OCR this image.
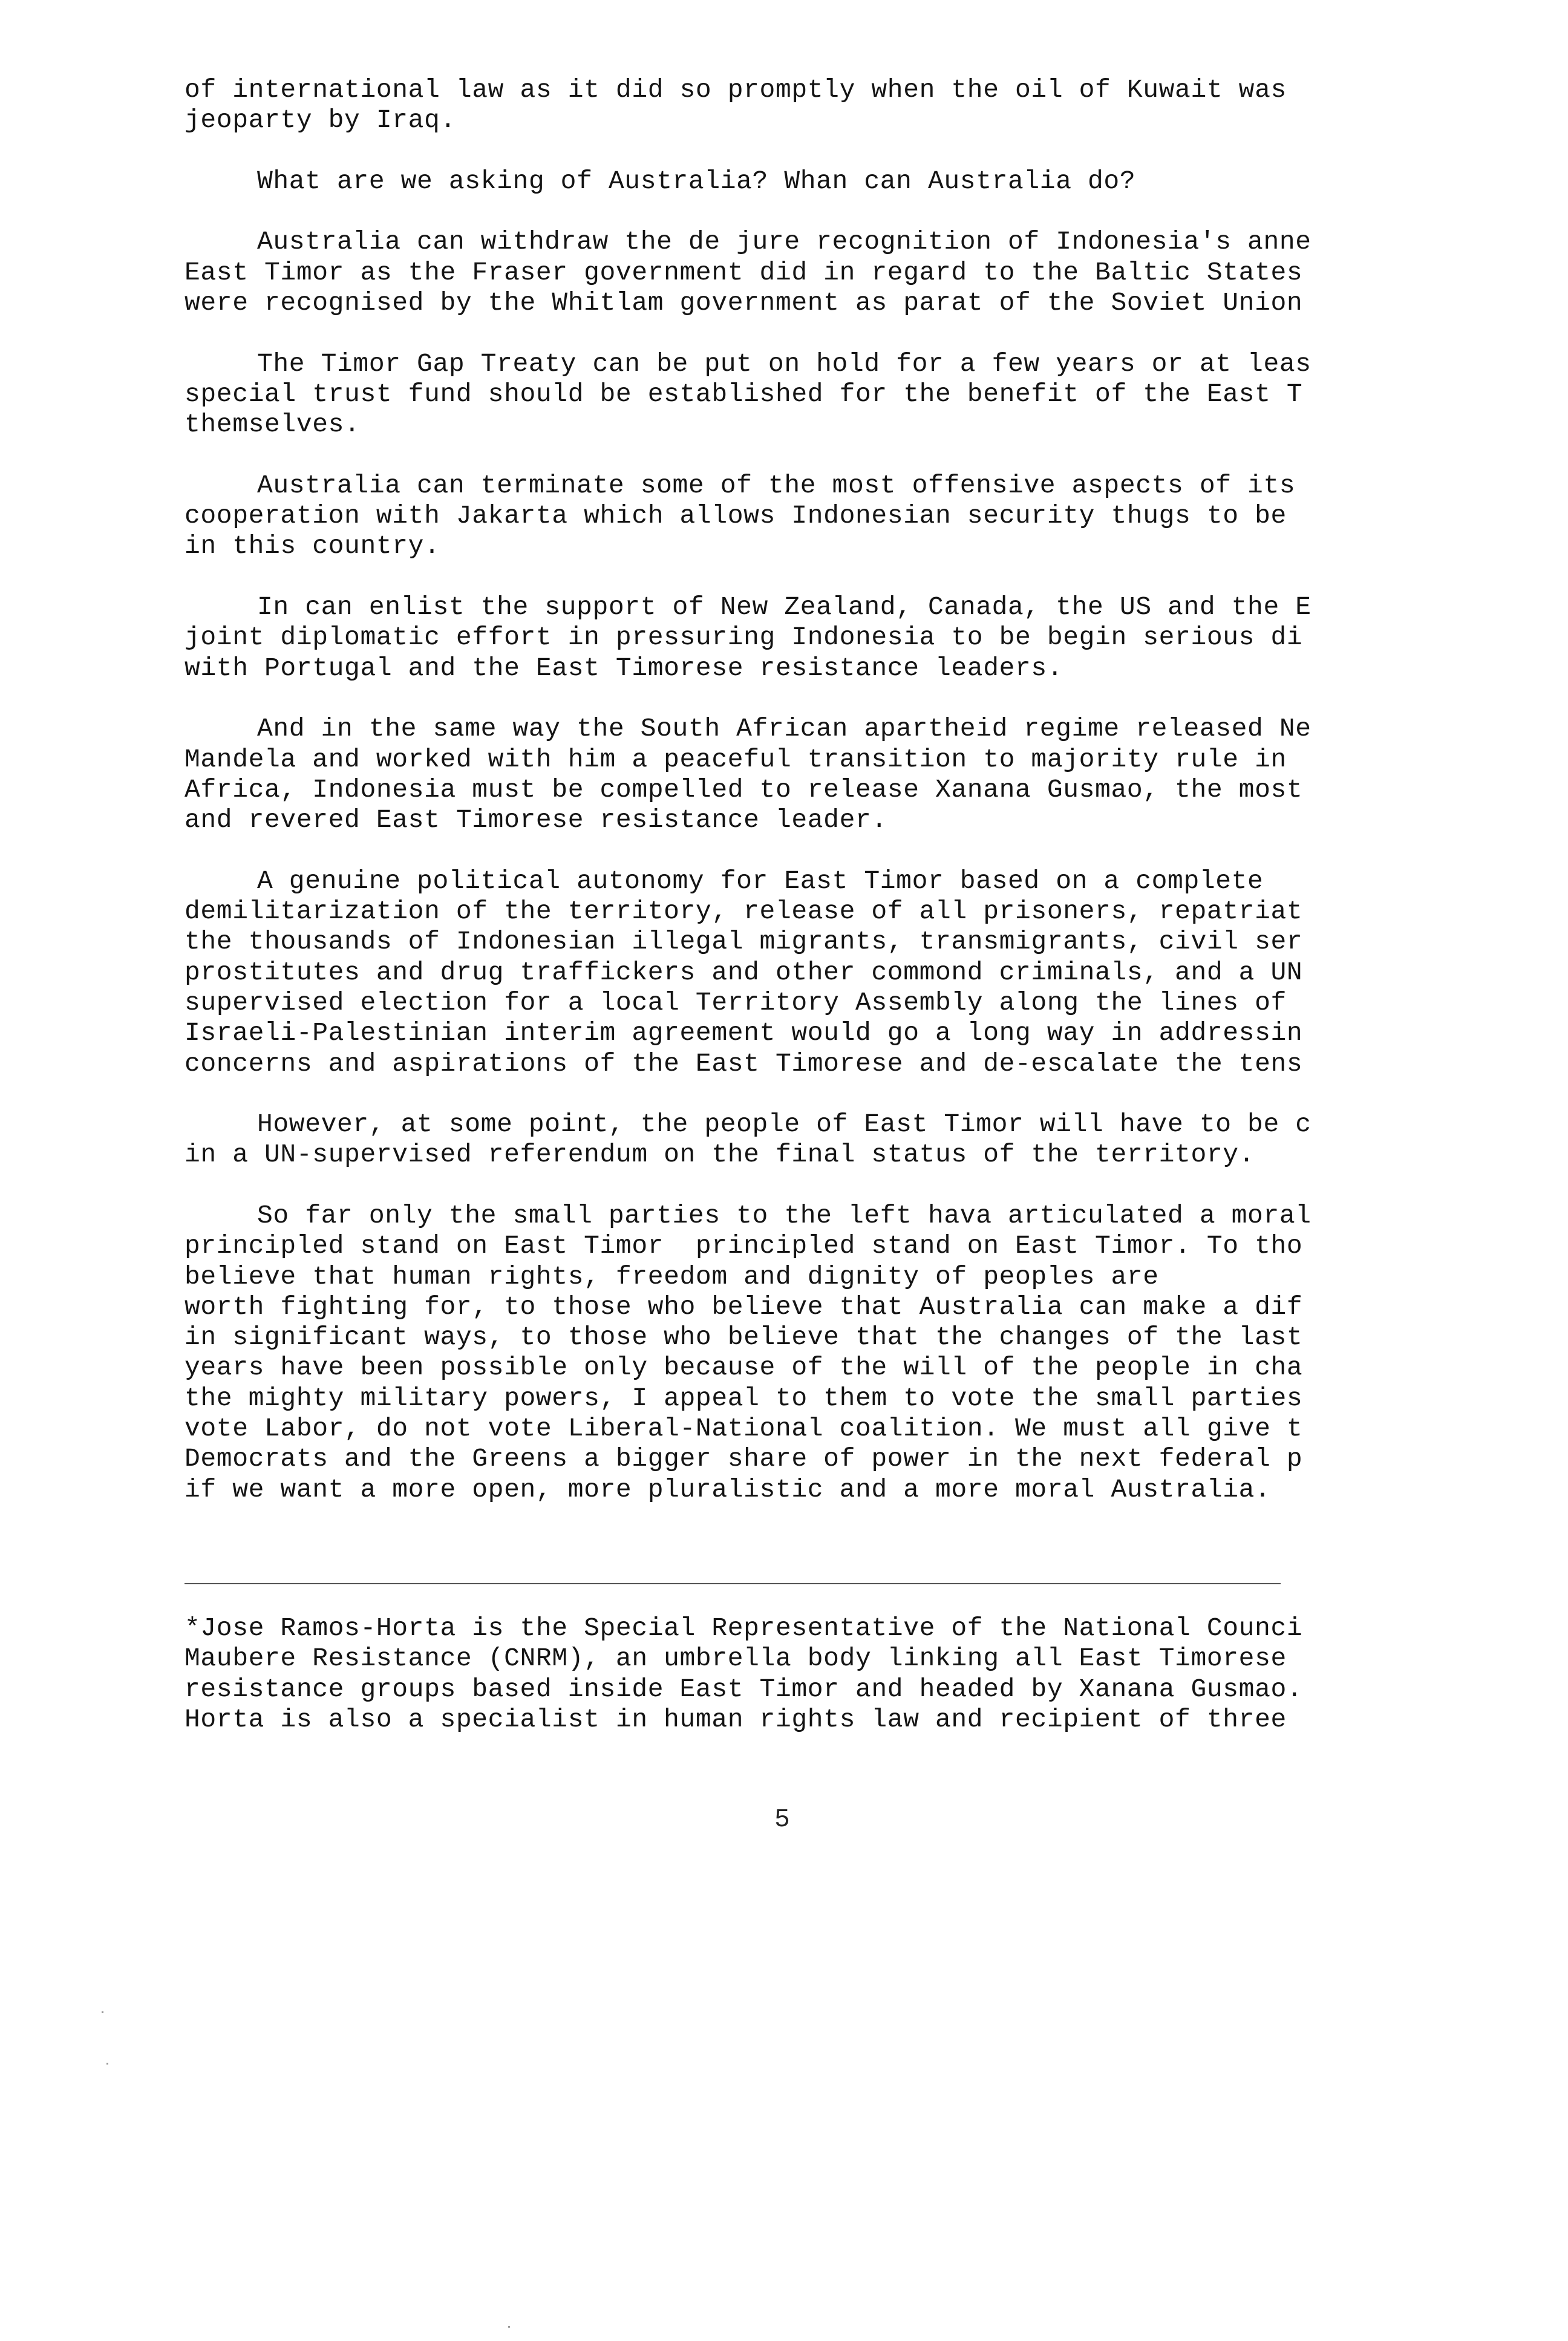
of international law as it did so promptly when the oil of Kuwait was
jeoparty by Iraq.
What are we asking of Australia? Whan can Australia do?
Australia can withdraw the de jure recognition of Indonesia's anne
East Timor as the Fraser government did in regard to the Baltic States
were recognised by the Whitlam government as parat of the Soviet Union
The Timor Gap Treaty can be put on hold for a few years or at leas
special trust fund should be established for the benefit of the East T
themselves.
Australia can terminate some of the most offensive aspects of its
cooperation with Jakarta which allows Indonesian security thugs to be
in this country.
In can enlist the support of New Zealand, Canada, the US and the E
joint diplomatic effort in pressuring Indonesia to be begin serious di
with Portugal and the East Timorese resistance leaders.
And in the same way the South African apartheid regime released Ne
Mandela and worked with him a peaceful transition to majority rule in
Africa, Indonesia must be compelled to release Xanana Gusmao, the most
and revered East Timorese resistance leader.
A genuine political autonomy for East Timor based on a complete
demilitarization of the territory, release of all prisoners, repatriat
the thousands of Indonesian illegal migrants, transmigrants, civil ser
prostitutes and drug traffickers and other commond criminals, and a UN
supervised election for a local Territory Assembly along the lines of
Israeli-Palestinian interim agreement would go a long way in addressin
concerns and aspirations of the East Timorese and de-escalate the tens
However, at some point, the people of East Timor will have to be c
in a UN-supervised referendum on the final status of the territory.
So far only the small parties to the left hava articulated a moral
principled stand on East Timor  principled stand on East Timor. To tho
believe that human rights, freedom and dignity of peoples are
worth fighting for, to those who believe that Australia can make a dif
in significant ways, to those who believe that the changes of the last
years have been possible only because of the will of the people in cha
the mighty military powers, I appeal to them to vote the small parties
vote Labor, do not vote Liberal-National coalition. We must all give t
Democrats and the Greens a bigger share of power in the next federal p
if we want a more open, more pluralistic and a more moral Australia.
*Jose Ramos-Horta is the Special Representative of the National Counci
Maubere Resistance (CNRM), an umbrella body linking all East Timorese
resistance groups based inside East Timor and headed by Xanana Gusmao.
Horta is also a specialist in human rights law and recipient of three
5
